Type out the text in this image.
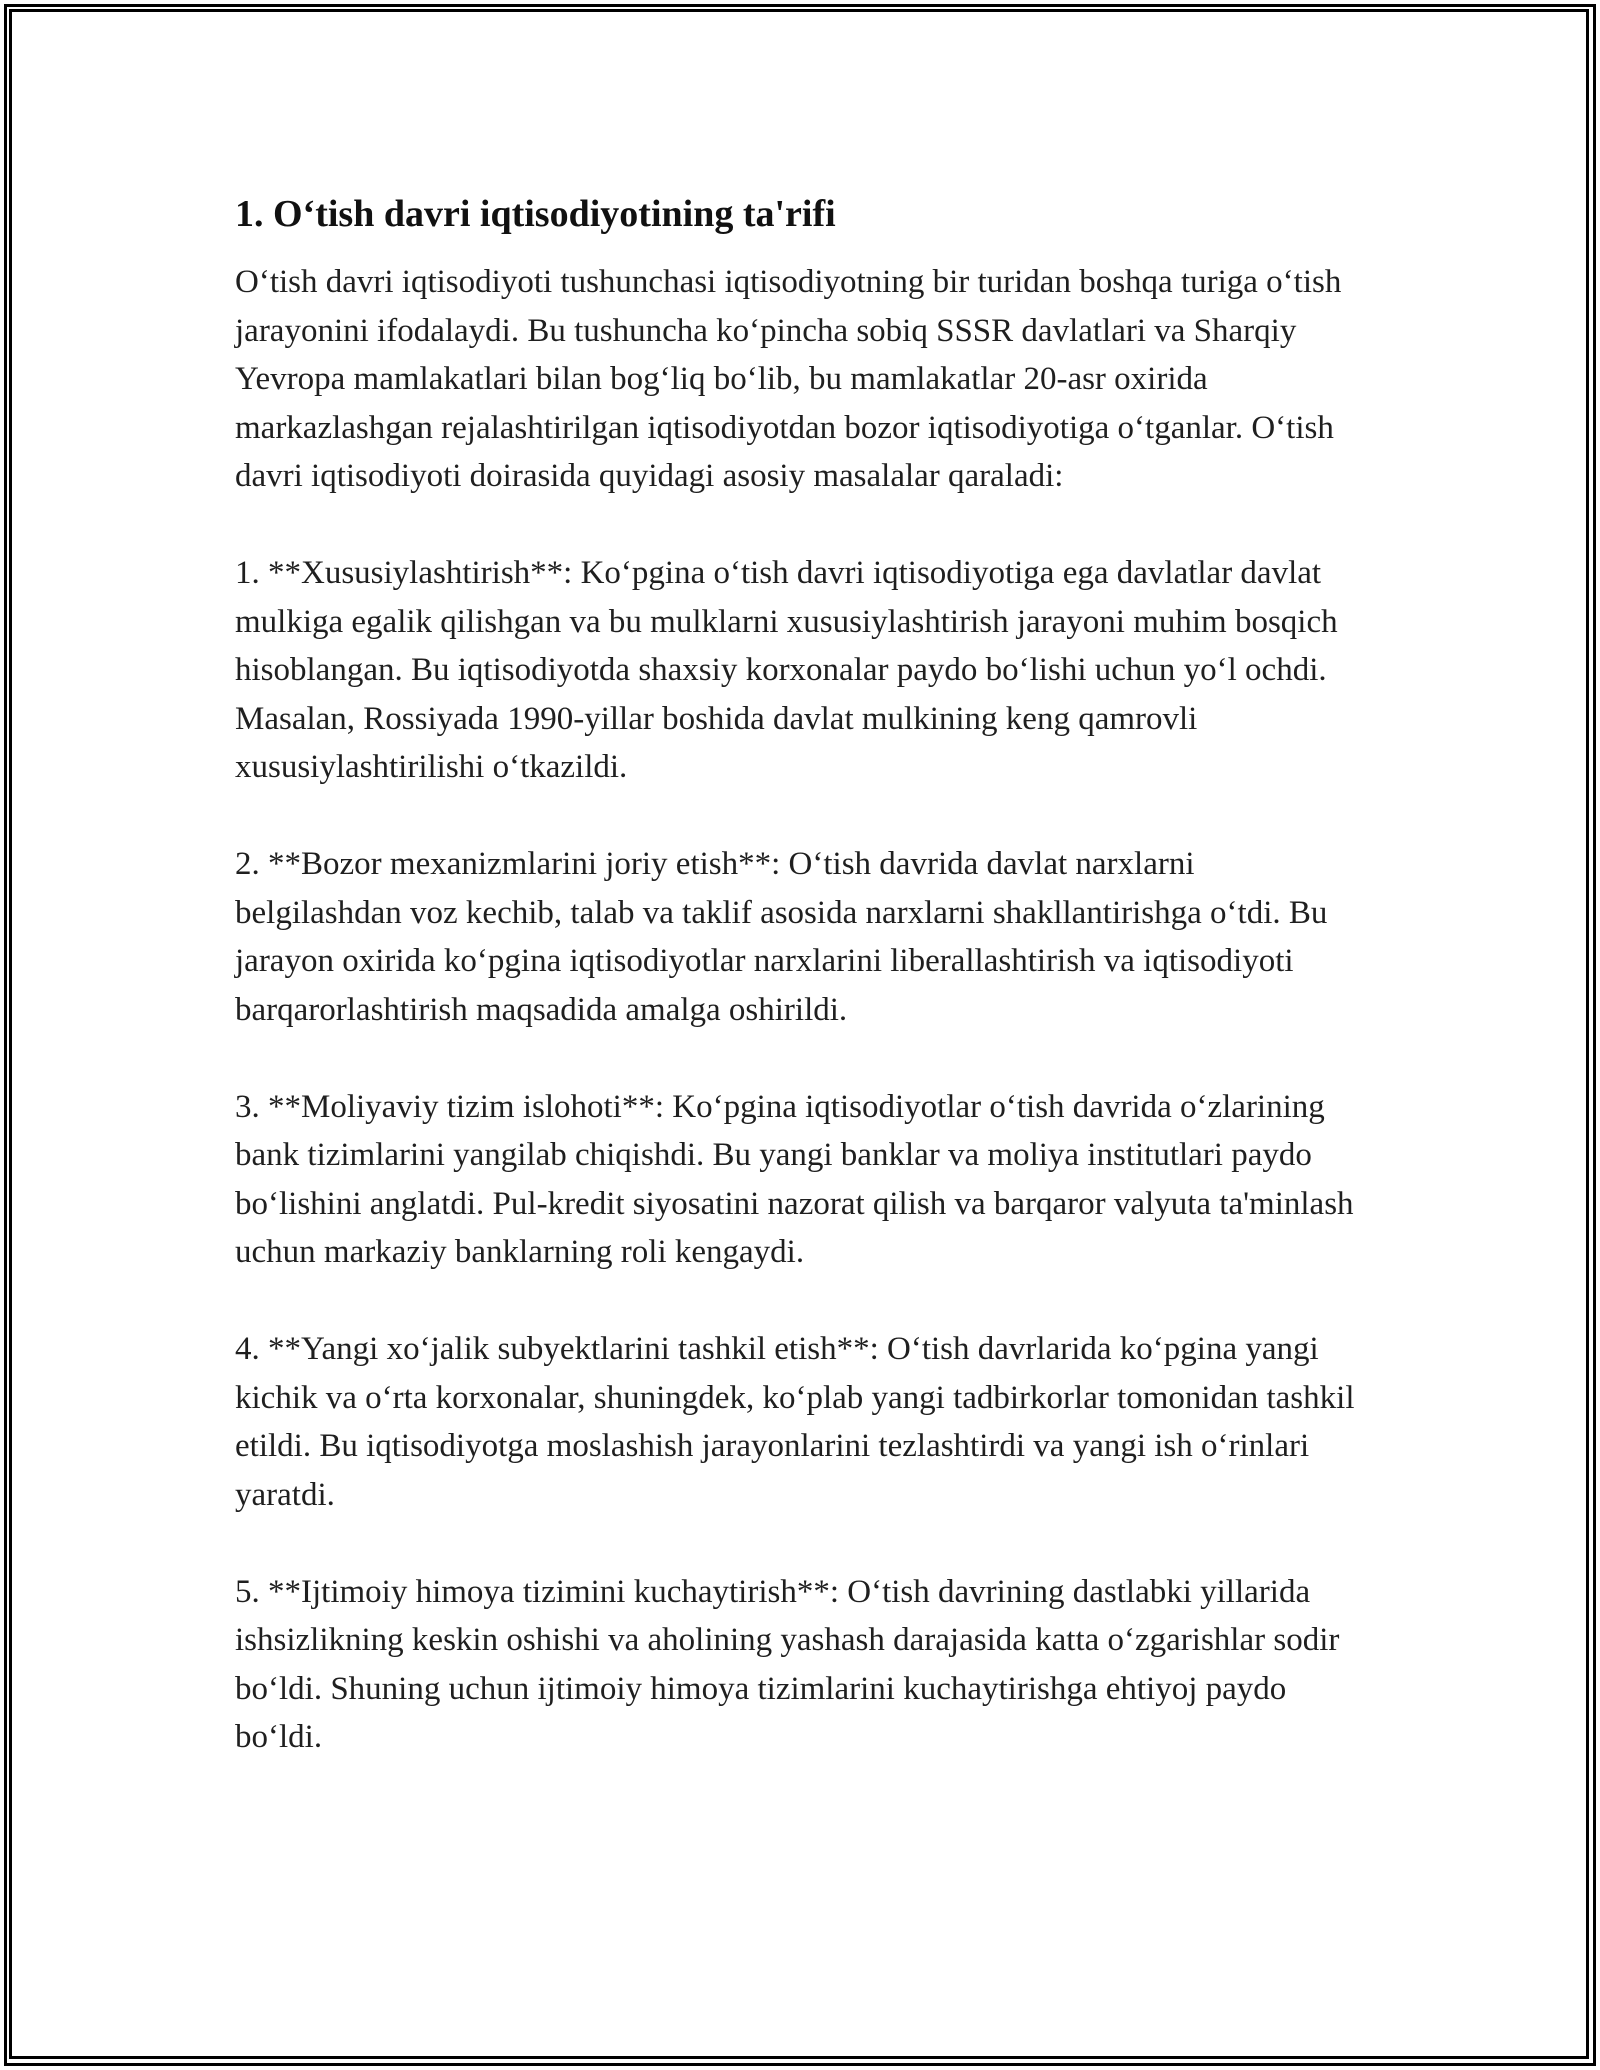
1. O‘tish davri iqtisodiyotining ta'rifi

O‘tish davri iqtisodiyoti tushunchasi iqtisodiyotning bir turidan boshqa turiga o‘tish jarayonini ifodalaydi. Bu tushuncha ko‘pincha sobiq SSSR davlatlari va Sharqiy Yevropa mamlakatlari bilan bog‘liq bo‘lib, bu mamlakatlar 20-asr oxirida markazlashgan rejalashtirilgan iqtisodiyotdan bozor iqtisodiyotiga o‘tganlar. O‘tish davri iqtisodiyoti doirasida quyidagi asosiy masalalar qaraladi:

1. **Xususiylashtirish**: Ko‘pgina o‘tish davri iqtisodiyotiga ega davlatlar davlat mulkiga egalik qilishgan va bu mulklarni xususiylashtirish jarayoni muhim bosqich hisoblangan. Bu iqtisodiyotda shaxsiy korxonalar paydo bo‘lishi uchun yo‘l ochdi. Masalan, Rossiyada 1990-yillar boshida davlat mulkining keng qamrovli xususiylashtirilishi o‘tkazildi.

2. **Bozor mexanizmlarini joriy etish**: O‘tish davrida davlat narxlarni belgilashdan voz kechib, talab va taklif asosida narxlarni shakllantirishga o‘tdi. Bu jarayon oxirida ko‘pgina iqtisodiyotlar narxlarini liberallashtirish va iqtisodiyoti barqarorlashtirish maqsadida amalga oshirildi.

3. **Moliyaviy tizim islohoti**: Ko‘pgina iqtisodiyotlar o‘tish davrida o‘zlarining bank tizimlarini yangilab chiqishdi. Bu yangi banklar va moliya institutlari paydo bo‘lishini anglatdi. Pul-kredit siyosatini nazorat qilish va barqaror valyuta ta'minlash uchun markaziy banklarning roli kengaydi.

4. **Yangi xo‘jalik subyektlarini tashkil etish**: O‘tish davrlarida ko‘pgina yangi kichik va o‘rta korxonalar, shuningdek, ko‘plab yangi tadbirkorlar tomonidan tashkil etildi. Bu iqtisodiyotga moslashish jarayonlarini tezlashtirdi va yangi ish o‘rinlari yaratdi.

5. **Ijtimoiy himoya tizimini kuchaytirish**: O‘tish davrining dastlabki yillarida ishsizlikning keskin oshishi va aholining yashash darajasida katta o‘zgarishlar sodir bo‘ldi. Shuning uchun ijtimoiy himoya tizimlarini kuchaytirishga ehtiyoj paydo bo‘ldi.
